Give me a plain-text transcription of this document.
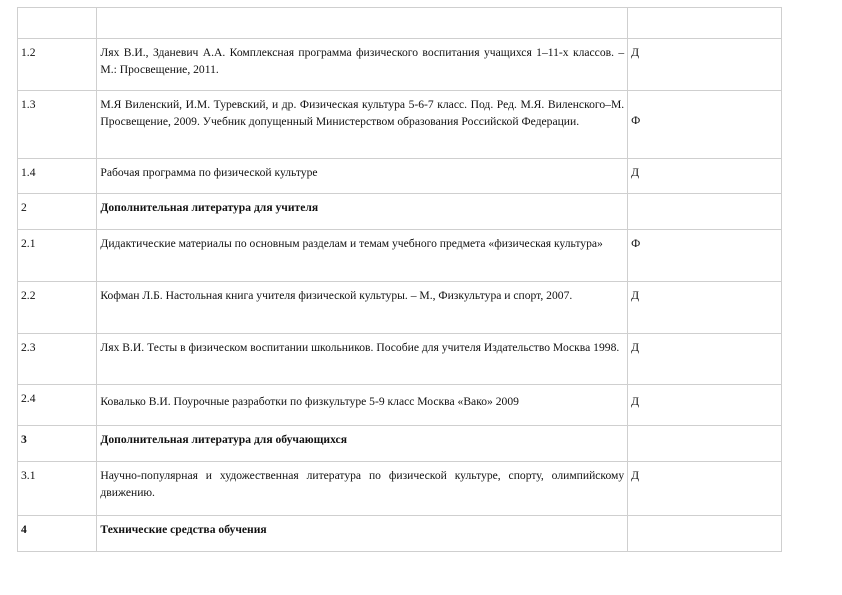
1.2	Лях В.И., Зданевич А.А. Комплексная программа физического воспитания учащихся 1–11-х классов. – М.: Просвещение, 2011.	Д
1.3	М.Я Виленский, И.М. Туревский, и др. Физическая культура 5-6-7 класс. Под. Ред. М.Я. Виленского–М. Просвещение, 2009. Учебник допущенный Министерством образования Российской Федерации.	Ф
1.4	Рабочая программа по физической культуре	Д
2	Дополнительная литература для учителя	
2.1	Дидактические материалы по основным разделам и темам учебного предмета «физическая культура»	Ф
2.2	Кофман Л.Б. Настольная книга учителя физической культуры. – М., Физкультура и спорт, 2007.	Д
2.3	Лях В.И. Тесты в физическом воспитании школьников. Пособие для учителя Издательство Москва 1998.	Д
2.4	Ковалько В.И. Поурочные разработки по физкультуре 5-9 класс Москва «Вако» 2009	Д
3	Дополнительная литература для обучающихся	
3.1	Научно-популярная и художественная литература по физической культуре, спорту, олимпийскому движению.	Д
4	Технические средства обучения	
